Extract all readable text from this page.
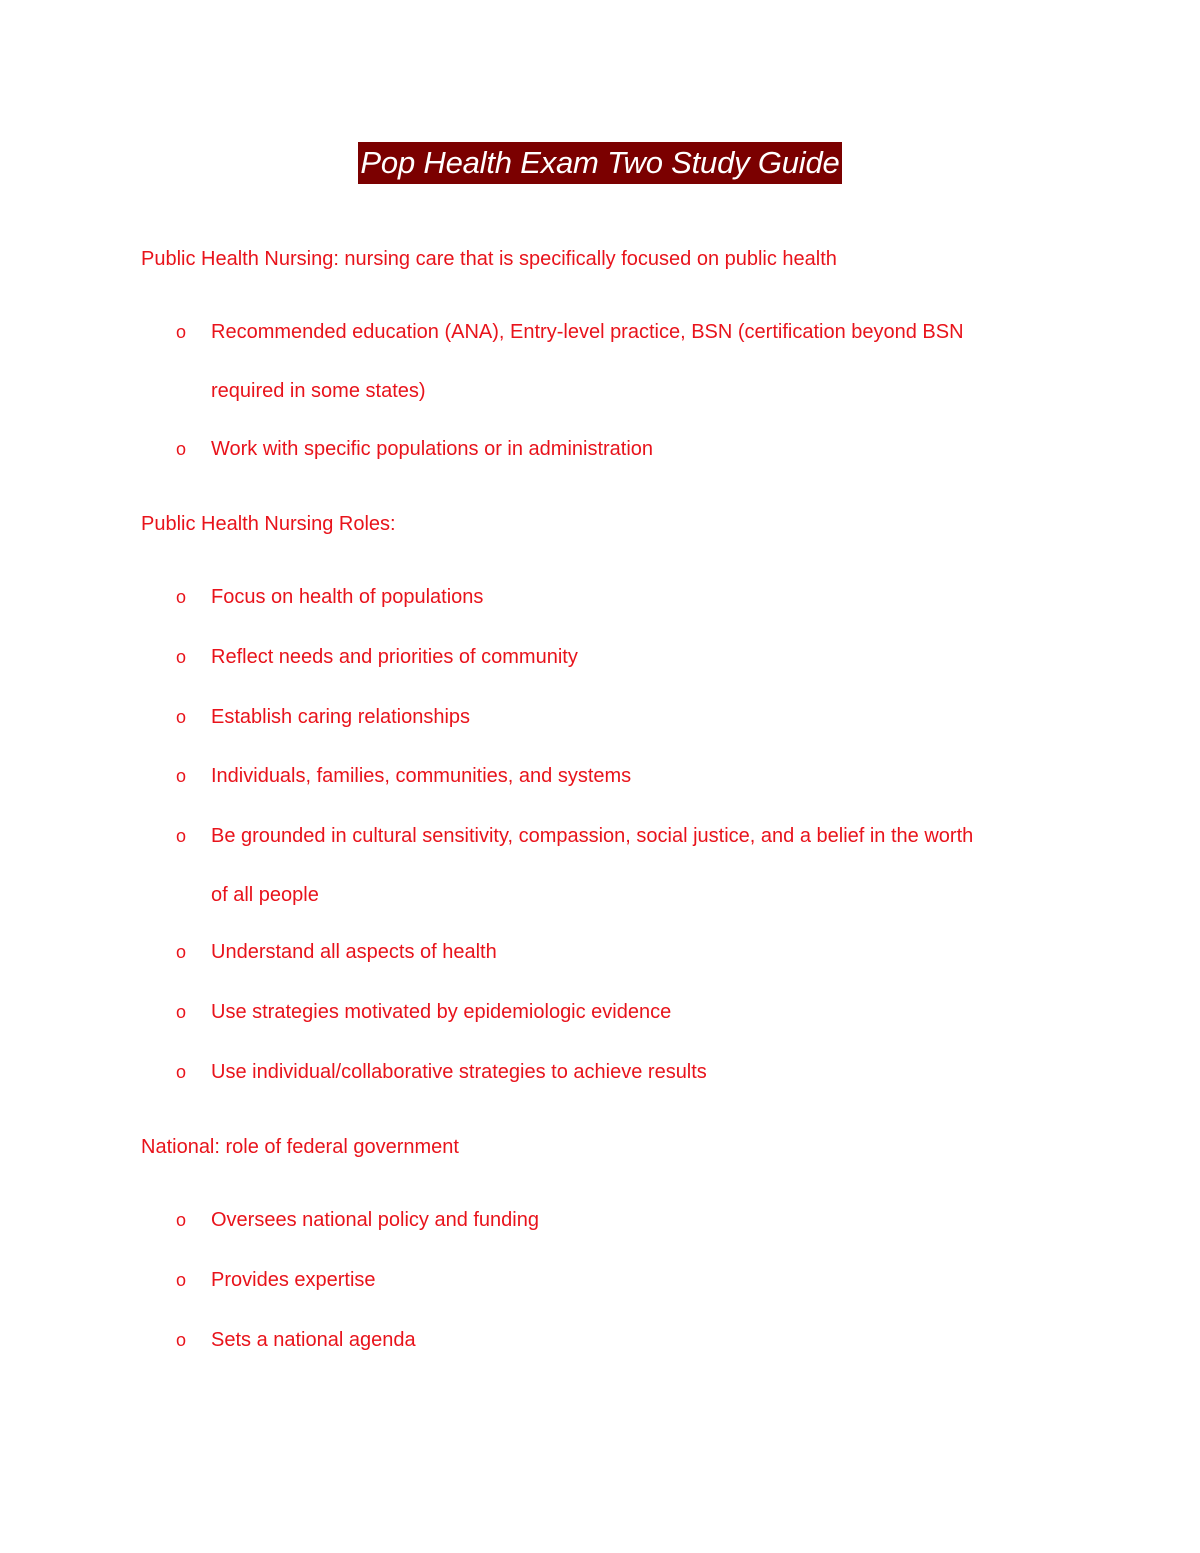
Pop Health Exam Two Study Guide
Public Health Nursing: nursing care that is specifically focused on public health
o	Recommended education (ANA), Entry-level practice, BSN (certification beyond BSN
required in some states)
o	Work with specific populations or in administration
Public Health Nursing Roles:
o	Focus on health of populations
o	Reflect needs and priorities of community
o	Establish caring relationships
o	Individuals, families, communities, and systems
o	Be grounded in cultural sensitivity, compassion, social justice, and a belief in the worth
of all people
o	Understand all aspects of health
o	Use strategies motivated by epidemiologic evidence
o	Use individual/collaborative strategies to achieve results
National: role of federal government
o	Oversees national policy and funding
o	Provides expertise
o	Sets a national agenda
